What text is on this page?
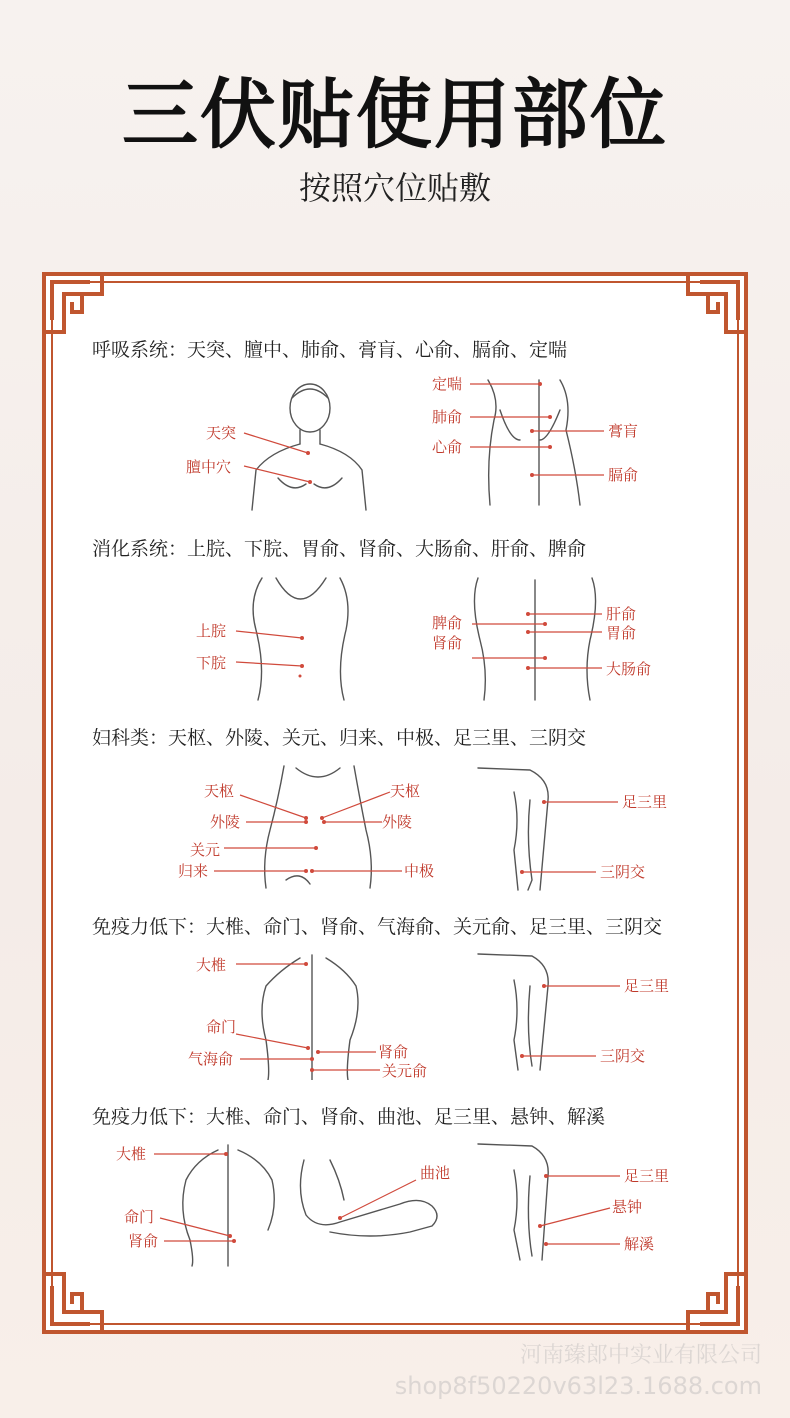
三伏贴使用部位
按照穴位贴敷
呼吸系统：天突、膻中、肺俞、膏肓、心俞、膈俞、定喘
天突
膻中穴
定喘
肺俞
膏肓
心俞
膈俞
消化系统：上脘、下脘、胃俞、肾俞、大肠俞、肝俞、脾俞
上脘
下脘
脾俞
肾俞
肝俞
胃俞
大肠俞
妇科类：天枢、外陵、关元、归来、中极、足三里、三阴交
天枢	天枢
外陵	外陵
关元
归来	中极
足三里
三阴交
免疫力低下：大椎、命门、肾俞、气海俞、关元俞、足三里、三阴交
大椎
命门
气海俞	肾俞
关元俞
足三里
三阴交
免疫力低下：大椎、命门、肾俞、曲池、足三里、悬钟、解溪
大椎
命门
肾俞
曲池	足三里
悬钟
解溪
河南臻郎中实业有限公司
shop8f50220v63l23.1688.com
